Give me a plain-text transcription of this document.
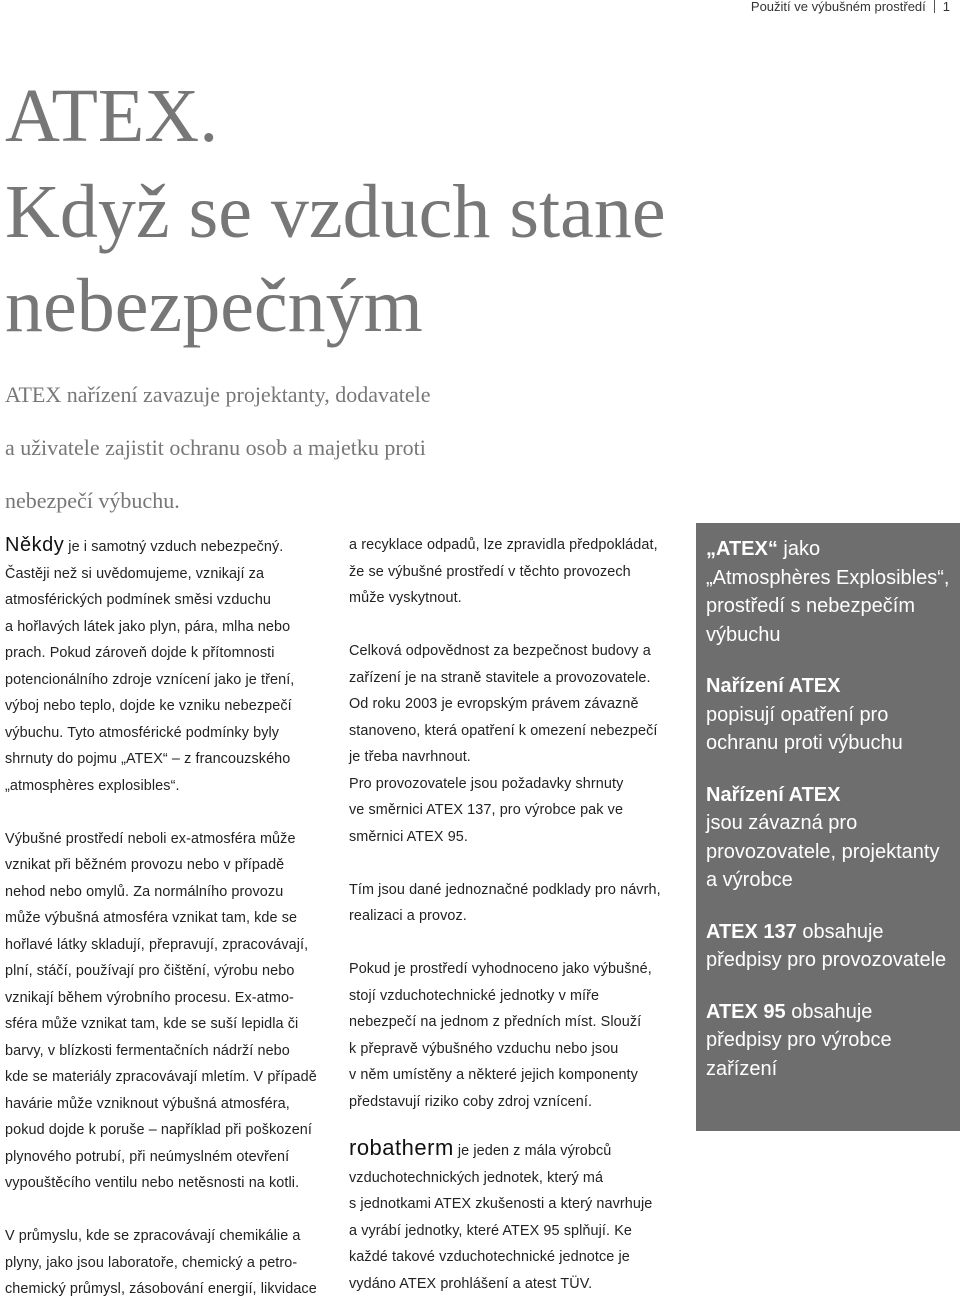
Použití ve výbušném prostředí 1
ATEX.
Když se vzduch stane
nebezpečným
ATEX nařízení zavazuje projektanty, dodavatele
a uživatele zajistit ochranu osob a majetku proti
nebezpečí výbuchu.

Někdy je i samotný vzduch nebezpečný.

Častěji než si uvědomujeme, vznikají za

atmosférických podmínek směsi vzduchu

a hořlavých látek jako plyn, pára, mlha nebo

prach. Pokud zároveň dojde k přítomnosti

potencionálního zdroje vznícení jako je tření,

výboj nebo teplo, dojde ke vzniku nebezpečí

výbuchu. Tyto atmosférické podmínky byly

shrnuty do pojmu „ATEX“ – z francouzského

„atmosphères explosibles“.

Výbušné prostředí neboli ex-atmosféra může

vznikat při běžném provozu nebo v případě

nehod nebo omylů. Za normálního provozu

může výbušná atmosféra vznikat tam, kde se

hořlavé látky skladují, přepravují, zpracovávají,

plní, stáčí, používají pro čištění, výrobu nebo

vznikají během výrobního procesu. Ex-atmo-

sféra může vznikat tam, kde se suší lepidla či

barvy, v blízkosti fermentačních nádrží nebo

kde se materiály zpracovávají mletím. V případě

havárie může vzniknout výbušná atmosféra,

pokud dojde k poruše – například při poškození

plynového potrubí, při neúmyslném otevření

vypouštěcího ventilu nebo netěsnosti na kotli.

V průmyslu, kde se zpracovávají chemikálie a

plyny, jako jsou laboratoře, chemický a petro-

chemický průmysl, zásobování energií, likvidace

a recyklace odpadů, lze zpravidla předpokládat,

že se výbušné prostředí v těchto provozech

může vyskytnout.

Celková odpovědnost za bezpečnost budovy a

zařízení je na straně stavitele a provozovatele.

Od roku 2003 je evropským právem závazně

stanoveno, která opatření k omezení nebezpečí

je třeba navrhnout.

Pro provozovatele jsou požadavky shrnuty

ve směrnici ATEX 137, pro výrobce pak ve

směrnici ATEX 95.

Tím jsou dané jednoznačné podklady pro návrh,

realizaci a provoz.

Pokud je prostředí vyhodnoceno jako výbušné,

stojí vzduchotechnické jednotky v míře

nebezpečí na jednom z předních míst. Slouží

k přepravě výbušného vzduchu nebo jsou

v něm umístěny a některé jejich komponenty

představují riziko coby zdroj vznícení.

robatherm je jeden z mála výrobců

vzduchotechnických jednotek, který má

s jednotkami ATEX zkušenosti a který navrhuje

a vyrábí jednotky, které ATEX 95 splňují. Ke

každé takové vzduchotechnické jednotce je

vydáno ATEX prohlášení a atest TÜV.

„ATEX“ jako „Atmosphères Explosibles“, prostředí s nebezpečím výbuchu
Nařízení ATEX
popisují opatření pro ochranu proti výbuchu
Nařízení ATEX
jsou závazná pro provozovatele, projektanty a výrobce
ATEX 137 obsahuje předpisy pro provozovatele
ATEX 95 obsahuje předpisy pro výrobce zařízení
